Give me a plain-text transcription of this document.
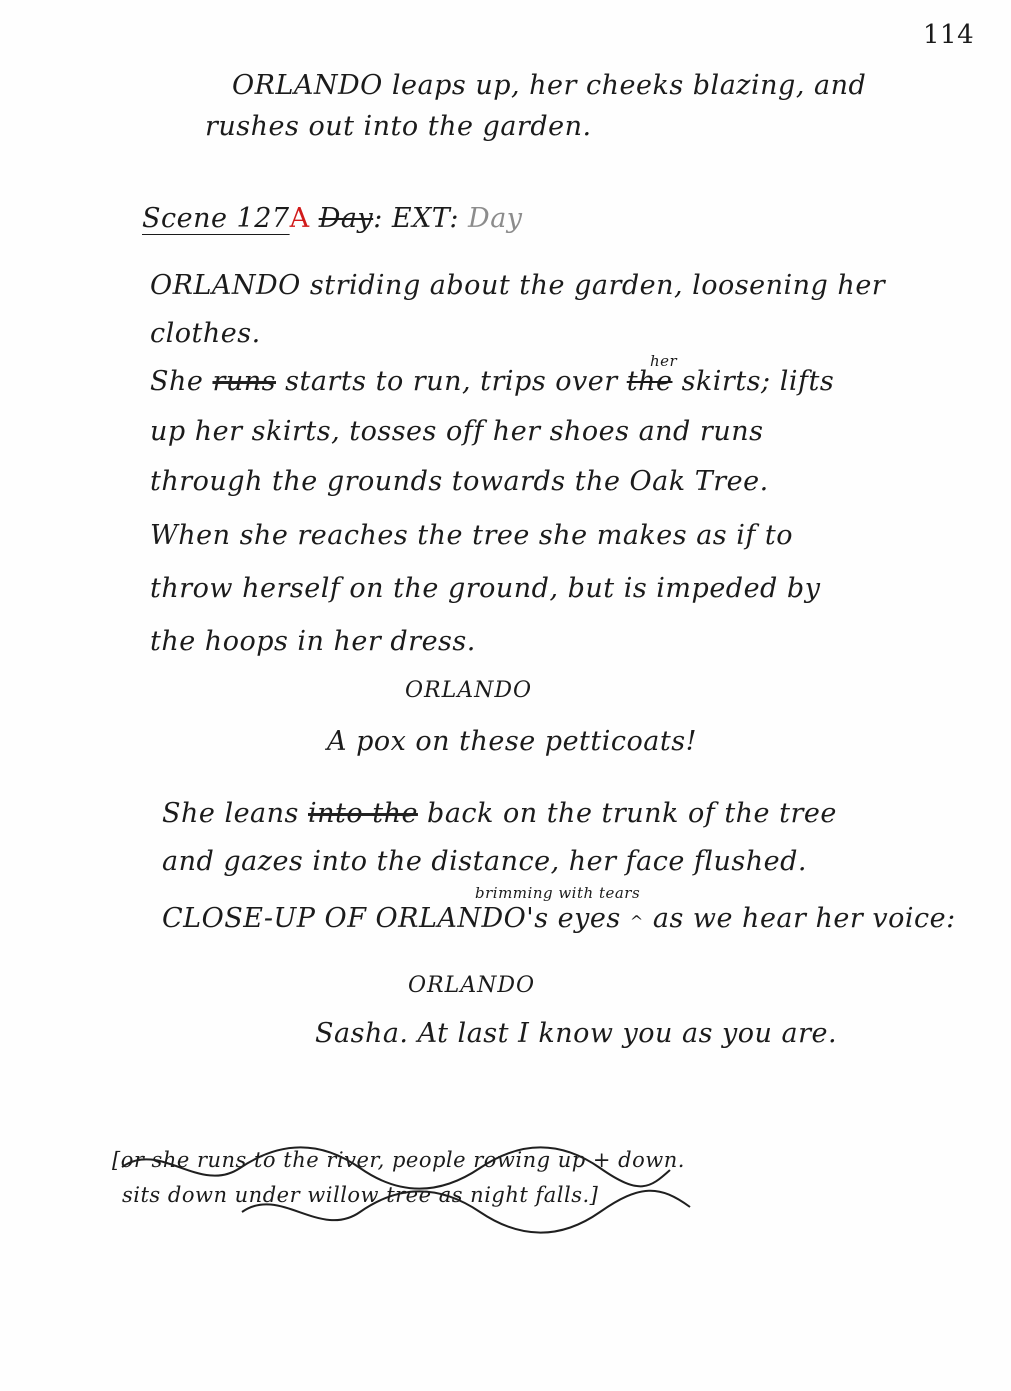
114
ORLANDO leaps up, her cheeks blazing, and
rushes out into the garden.
Scene 127A Day: EXT: Day
ORLANDO striding about the garden, loosening her
clothes.
She runs starts to run, trips over the skirts; lifts
her
up her skirts, tosses off her shoes and runs
through the grounds towards the Oak Tree.
When she reaches the tree she makes as if to
throw herself on the ground, but is impeded by
the hoops in her dress.
ORLANDO
A pox on these petticoats!
She leans into the back on the trunk of the tree
and gazes into the distance, her face flushed.
brimming with tears
CLOSE-UP OF ORLANDO's eyes ^ as we hear her voice:
ORLANDO
Sasha. At last I know you as you are.
[or she runs to the river, people rowing up + down.
sits down under willow tree as night falls.]
